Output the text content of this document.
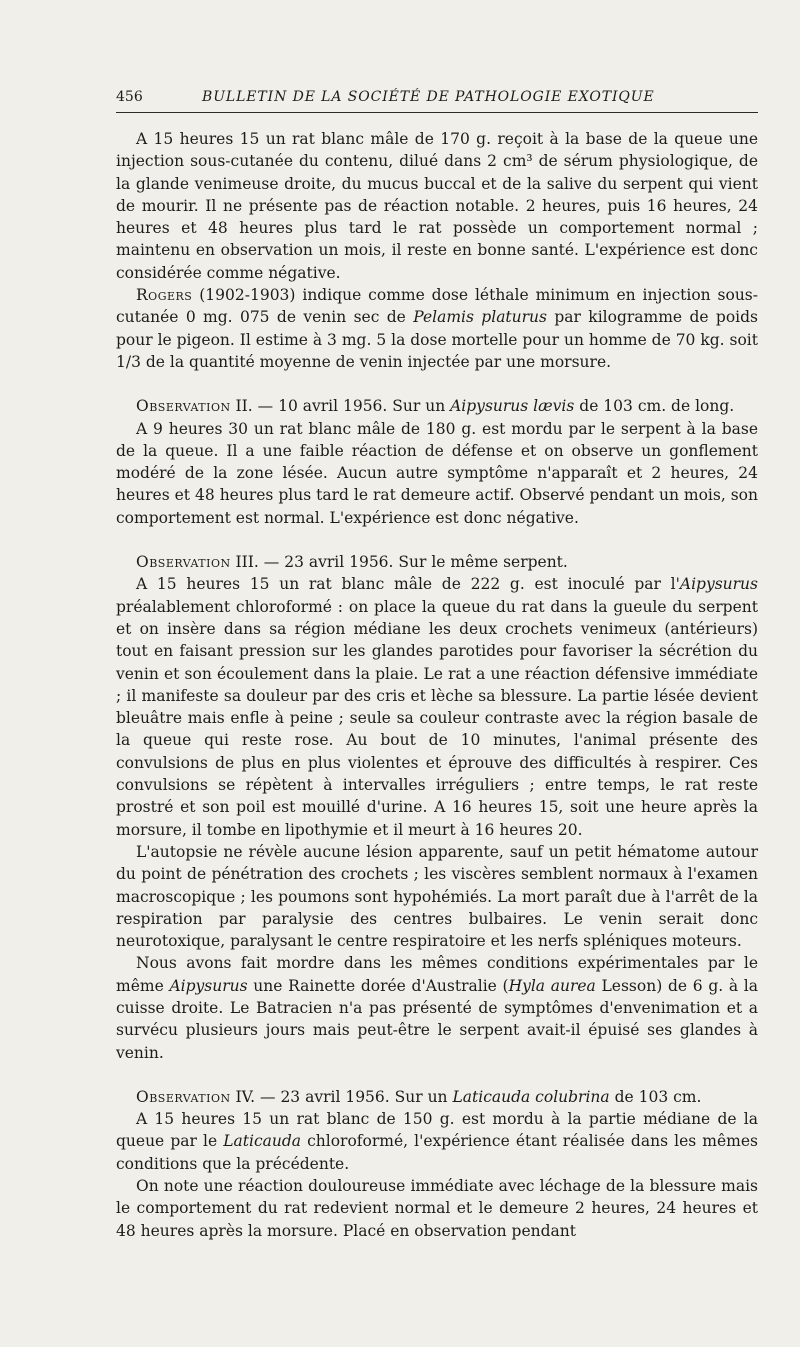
456	BULLETIN DE LA SOCIÉTÉ DE PATHOLOGIE EXOTIQUE

A 15 heures 15 un rat blanc mâle de 170 g. reçoit à la base de la queue une injection sous-cutanée du contenu, dilué dans 2 cm³ de sérum physiologique, de la glande venimeuse droite, du mucus buccal et de la salive du serpent qui vient de mourir. Il ne présente pas de réaction notable. 2 heures, puis 16 heures, 24 heures et 48 heures plus tard le rat possède un comportement normal ; maintenu en observation un mois, il reste en bonne santé. L'expérience est donc considérée comme négative.

Rogers (1902-1903) indique comme dose léthale minimum en injection sous-cutanée 0 mg. 075 de venin sec de Pelamis platurus par kilogramme de poids pour le pigeon. Il estime à 3 mg. 5 la dose mortelle pour un homme de 70 kg. soit 1/3 de la quantité moyenne de venin injectée par une morsure.

Observation II. — 10 avril 1956. Sur un Aipysurus lævis de 103 cm. de long.

A 9 heures 30 un rat blanc mâle de 180 g. est mordu par le serpent à la base de la queue. Il a une faible réaction de défense et on observe un gonflement modéré de la zone lésée. Aucun autre symptôme n'apparaît et 2 heures, 24 heures et 48 heures plus tard le rat demeure actif. Observé pendant un mois, son comportement est normal. L'expérience est donc négative.

Observation III. — 23 avril 1956. Sur le même serpent.

A 15 heures 15 un rat blanc mâle de 222 g. est inoculé par l'Aipysurus préalablement chloroformé : on place la queue du rat dans la gueule du serpent et on insère dans sa région médiane les deux crochets venimeux (antérieurs) tout en faisant pression sur les glandes parotides pour favoriser la sécrétion du venin et son écoulement dans la plaie. Le rat a une réaction défensive immédiate ; il manifeste sa douleur par des cris et lèche sa blessure. La partie lésée devient bleuâtre mais enfle à peine ; seule sa couleur contraste avec la région basale de la queue qui reste rose. Au bout de 10 minutes, l'animal présente des convulsions de plus en plus violentes et éprouve des difficultés à respirer. Ces convulsions se répètent à intervalles irréguliers ; entre temps, le rat reste prostré et son poil est mouillé d'urine. A 16 heures 15, soit une heure après la morsure, il tombe en lipothymie et il meurt à 16 heures 20.

L'autopsie ne révèle aucune lésion apparente, sauf un petit hématome autour du point de pénétration des crochets ; les viscères semblent normaux à l'examen macroscopique ; les poumons sont hypohémiés. La mort paraît due à l'arrêt de la respiration par paralysie des centres bulbaires. Le venin serait donc neurotoxique, paralysant le centre respiratoire et les nerfs spléniques moteurs.

Nous avons fait mordre dans les mêmes conditions expérimentales par le même Aipysurus une Rainette dorée d'Australie (Hyla aurea Lesson) de 6 g. à la cuisse droite. Le Batracien n'a pas présenté de symptômes d'envenimation et a survécu plusieurs jours mais peut-être le serpent avait-il épuisé ses glandes à venin.

Observation IV. — 23 avril 1956. Sur un Laticauda colubrina de 103 cm.

A 15 heures 15 un rat blanc de 150 g. est mordu à la partie médiane de la queue par le Laticauda chloroformé, l'expérience étant réalisée dans les mêmes conditions que la précédente.

On note une réaction douloureuse immédiate avec léchage de la blessure mais le comportement du rat redevient normal et le demeure 2 heures, 24 heures et 48 heures après la morsure. Placé en observation pendant
